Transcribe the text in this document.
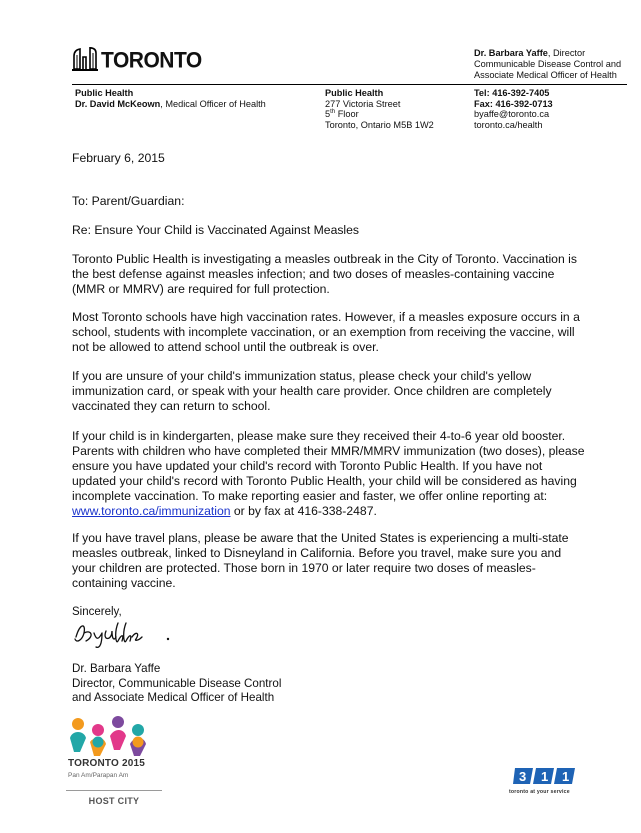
TORONTO	Dr. Barbara Yaffe, Director
Communicable Disease Control and
Associate Medical Officer of Health
Public Health
Dr. David McKeown, Medical Officer of Health
Public Health
277 Victoria Street
5th Floor
Toronto, Ontario M5B 1W2
Tel: 416-392-7405
Fax: 416-392-0713
byaffe@toronto.ca
toronto.ca/health
February 6, 2015
To: Parent/Guardian:
Re: Ensure Your Child is Vaccinated Against Measles
Toronto Public Health is investigating a measles outbreak in the City of Toronto. Vaccination is
the best defense against measles infection; and two doses of measles-containing vaccine
(MMR or MMRV) are required for full protection.
Most Toronto schools have high vaccination rates. However, if a measles exposure occurs in a
school, students with incomplete vaccination, or an exemption from receiving the vaccine, will
not be allowed to attend school until the outbreak is over.
If you are unsure of your child's immunization status, please check your child's yellow
immunization card, or speak with your health care provider. Once children are completely
vaccinated they can return to school.
If your child is in kindergarten, please make sure they received their 4-to-6 year old booster.
Parents with children who have completed their MMR/MMRV immunization (two doses), please
ensure you have updated your child's record with Toronto Public Health. If you have not
updated your child's record with Toronto Public Health, your child will be considered as having
incomplete vaccination. To make reporting easier and faster, we offer online reporting at:
www.toronto.ca/immunization or by fax at 416-338-2487.
If you have travel plans, please be aware that the United States is experiencing a multi-state
measles outbreak, linked to Disneyland in California. Before you travel, make sure you and
your children are protected. Those born in 1970 or later require two doses of measles-
containing vaccine.
Sincerely,
Dr. Barbara Yaffe
Director, Communicable Disease Control
and Associate Medical Officer of Health
TORONTO 2015
Pan Am/Parapan Am
HOST CITY
3 1 1
toronto at your service
